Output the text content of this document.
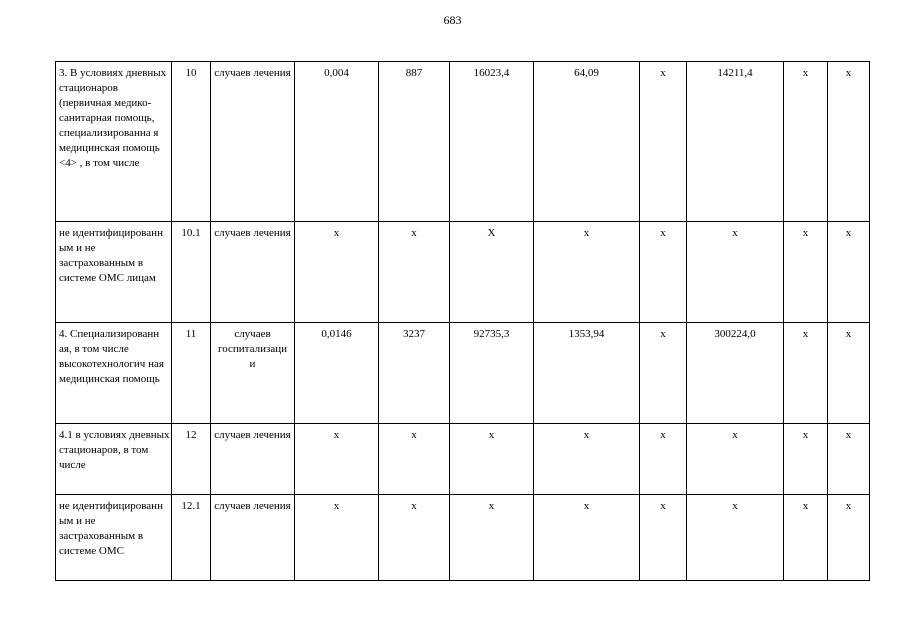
683
3. В условиях дневных стационаров (первичная медико-санитарная помощь, специализированна я медицинская помощь <4> , в том числе	10	случаев лечения	0,004	887	16023,4	64,09	х	14211,4	х	х
не идентифицированн ым и не застрахованным в системе ОМС лицам	10.1	случаев лечения	х	х	Х	х	х	х	х	х
4. Специализированн ая, в том числе высокотехнологич ная медицинская помощь	11	случаев госпитализаци и	0,0146	3237	92735,3	1353,94	х	300224,0	х	х
4.1 в условиях дневных стационаров, в том числе	12	случаев лечения	х	х	х	х	х	х	х	х
не идентифицированн ым и не застрахованным в системе ОМС	12.1	случаев лечения	х	х	х	х	х	х	х	х
